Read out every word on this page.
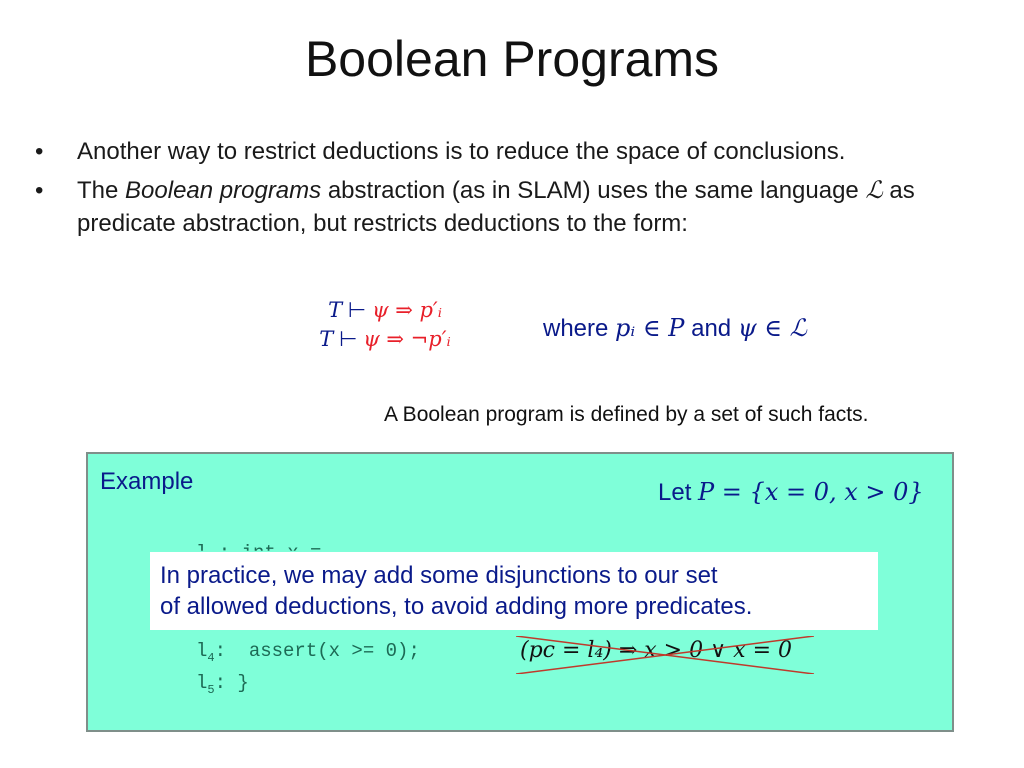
Boolean Programs
• Another way to restrict deductions is to reduce the space of conclusions.
• The Boolean programs abstraction (as in SLAM) uses the same language ℒ as predicate abstraction, but restricts deductions to the form:
T ⊢ ψ ⇒ p′ᵢ
T ⊢ ψ ⇒ ¬p′ᵢ	where pᵢ ∈ P and ψ ∈ ℒ
A Boolean program is defined by a set of such facts.
Example	Let P = {x = 0, x > 0}
$l_4$:  assert(x >= 0);
$l_5$: }
(pc = l₄) ⇒ x > 0 ∨ x = 0
In practice, we may add some disjunctions to our set
of allowed deductions, to avoid adding more predicates.
